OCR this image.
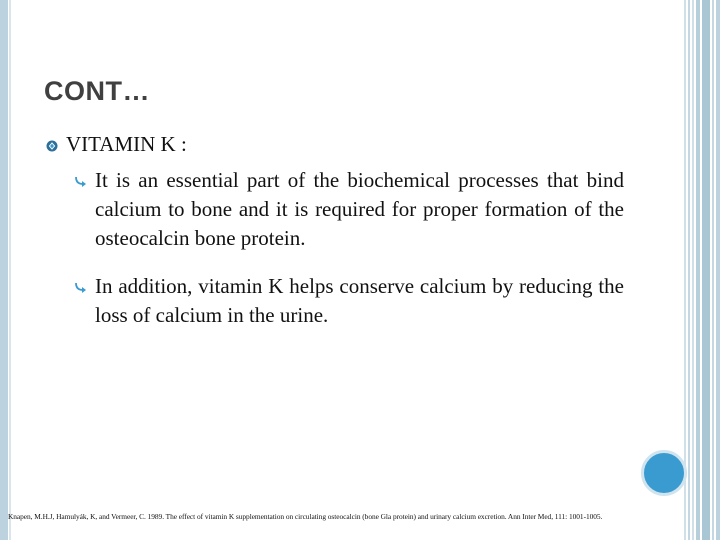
CONT…

VITAMIN K :

It is an essential part of the biochemical processes that bind calcium to bone and it is required for proper formation of the osteocalcin bone protein.

In addition, vitamin K helps conserve calcium by reducing the loss of calcium in the urine.

Knapen, M.H.J, Hamulyák, K, and Vermeer, C. 1989. The effect of vitamin K supplementation on circulating osteocalcin (bone Gla protein) and urinary calcium excretion. Ann Inter Med, 111: 1001-1005.
